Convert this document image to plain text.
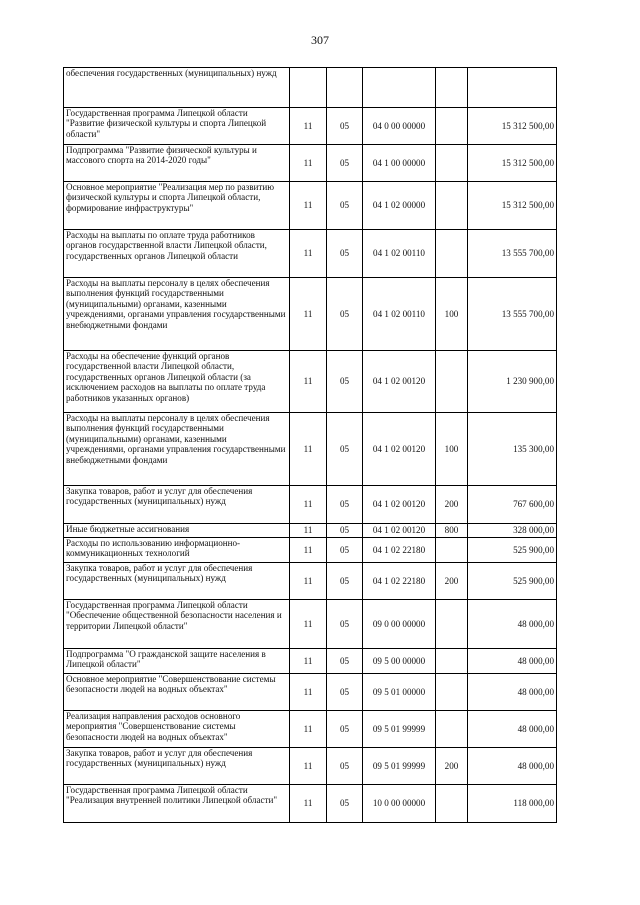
307
обеспечения государственных (муниципальных) нужд					
Государственная программа Липецкой области "Развитие физической культуры и спорта Липецкой области"	11	05	04 0 00 00000		15 312 500,00
Подпрограмма "Развитие физической культуры и массового спорта на 2014-2020 годы"	11	05	04 1 00 00000		15 312 500,00
Основное мероприятие "Реализация мер по развитию физической культуры и спорта Липецкой области, формирование инфраструктуры"	11	05	04 1 02 00000		15 312 500,00
Расходы на выплаты по оплате труда работников органов государственной власти Липецкой области, государственных органов Липецкой области	11	05	04 1 02 00110		13 555 700,00
Расходы на выплаты персоналу в целях обеспечения выполнения функций государственными (муниципальными) органами, казенными учреждениями, органами управления государственными внебюджетными фондами	11	05	04 1 02 00110	100	13 555 700,00
Расходы на обеспечение функций органов государственной власти Липецкой области, государственных органов Липецкой области (за исключением расходов на выплаты по оплате труда работников указанных органов)	11	05	04 1 02 00120		1 230 900,00
Расходы на выплаты персоналу в целях обеспечения выполнения функций государственными (муниципальными) органами, казенными учреждениями, органами управления государственными внебюджетными фондами	11	05	04 1 02 00120	100	135 300,00
Закупка товаров, работ и услуг для обеспечения государственных (муниципальных) нужд	11	05	04 1 02 00120	200	767 600,00
Иные бюджетные ассигнования	11	05	04 1 02 00120	800	328 000,00
Расходы по использованию информационно-коммуникационных технологий	11	05	04 1 02 22180		525 900,00
Закупка товаров, работ и услуг для обеспечения государственных (муниципальных) нужд	11	05	04 1 02 22180	200	525 900,00
Государственная программа Липецкой области "Обеспечение общественной безопасности населения и территории Липецкой области"	11	05	09 0 00 00000		48 000,00
Подпрограмма "О гражданской защите населения в Липецкой области"	11	05	09 5 00 00000		48 000,00
Основное мероприятие "Совершенствование системы безопасности людей на водных объектах"	11	05	09 5 01 00000		48 000,00
Реализация направления расходов основного мероприятия "Совершенствование системы безопасности людей на водных объектах"	11	05	09 5 01 99999		48 000,00
Закупка товаров, работ и услуг для обеспечения государственных (муниципальных) нужд	11	05	09 5 01 99999	200	48 000,00
Государственная программа Липецкой области "Реализация внутренней политики Липецкой области"	11	05	10 0 00 00000		118 000,00
